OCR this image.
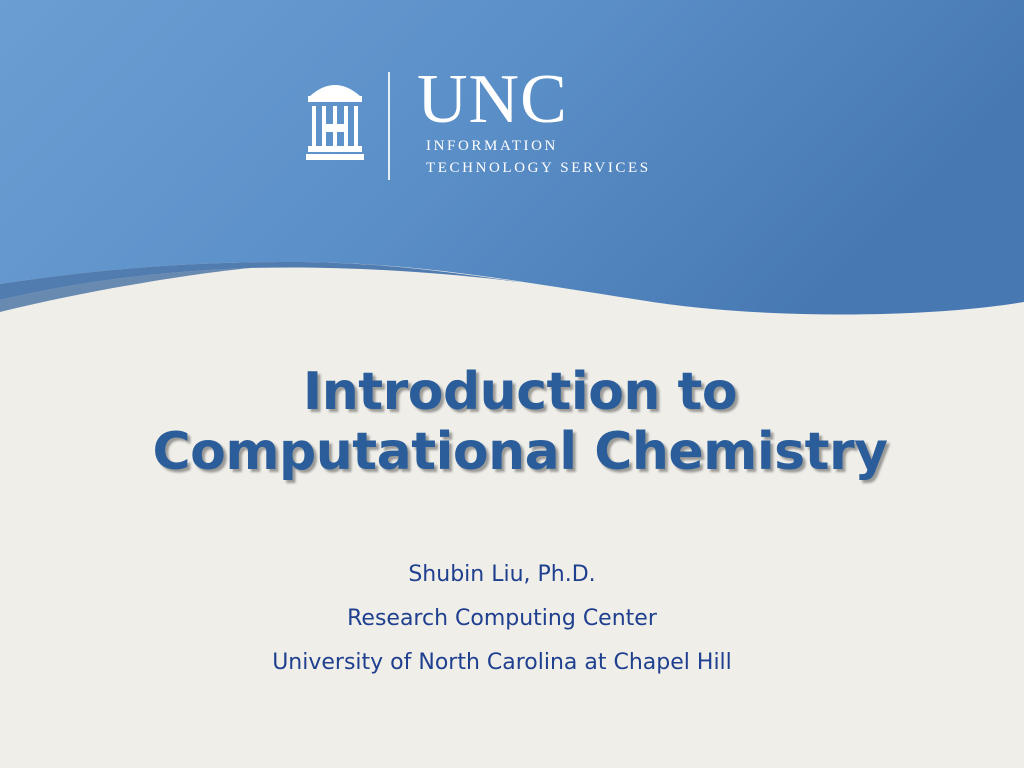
UNC
INFORMATION
TECHNOLOGY SERVICES
Introduction to
Computational Chemistry
Shubin Liu, Ph.D.
Research Computing Center
University of North Carolina at Chapel Hill
